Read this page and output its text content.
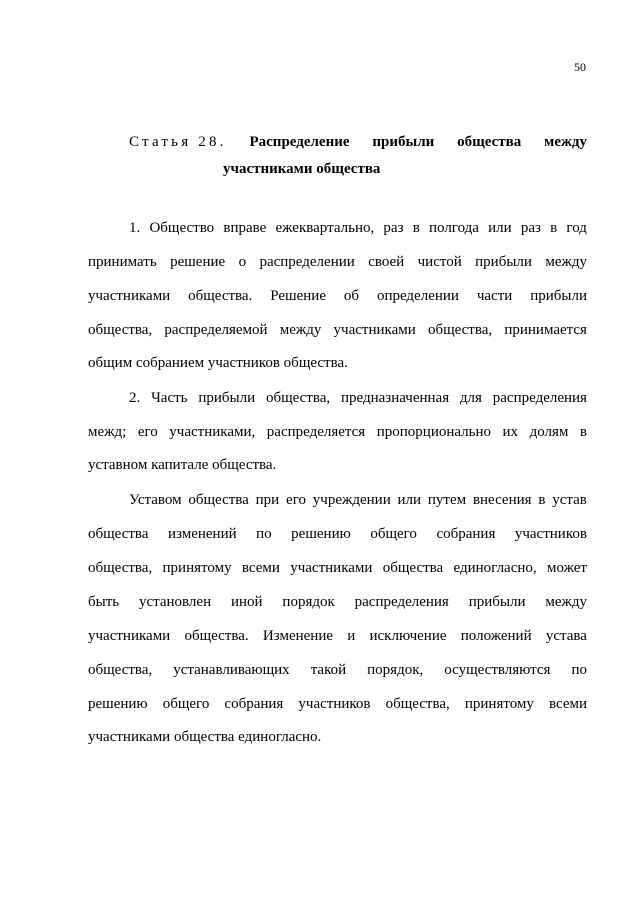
50
Статья 28. Распределение прибыли общества между
участниками общества
1. Общество вправе ежеквартально, раз в полгода или раз в год
принимать решение о распределении своей чистой прибыли между
участниками общества. Решение об определении части прибыли
общества, распределяемой между участниками общества, принимается
общим собранием участников общества.
2. Часть прибыли общества, предназначенная для распределения
межд; его участниками, распределяется пропорционально их долям в
уставном капитале общества.
Уставом общества при его учреждении или путем внесения в устав
общества изменений по решению общего собрания участников
общества, принятому всеми участниками общества единогласно, может
быть установлен иной порядок распределения прибыли между
участниками общества. Изменение и исключение положений устава
общества, устанавливающих такой порядок, осуществляются по
решению общего собрания участников общества, принятому всеми
участниками общества единогласно.
